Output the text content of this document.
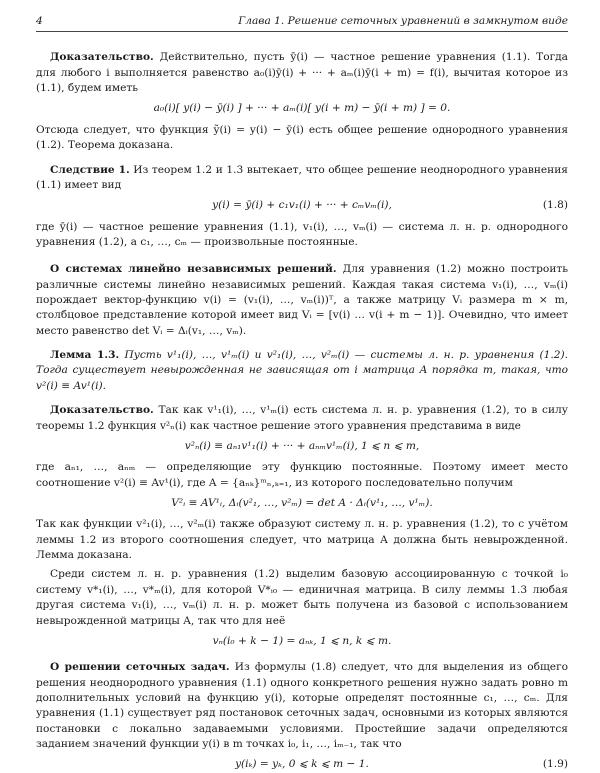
4	Глава 1. Решение сеточных уравнений в замкнутом виде

Доказательство. Действительно, пусть ȳ(i) — частное решение уравнения (1.1). Тогда для любого i выполняется равенство a₀(i)ȳ(i) + ··· + aₘ(i)ȳ(i + m) = f(i), вычитая которое из (1.1), будем иметь

a₀(i)[ y(i) − ȳ(i) ] + ··· + aₘ(i)[ y(i + m) − ȳ(i + m) ] = 0.

Отсюда следует, что функция ỹ(i) = y(i) − ȳ(i) есть общее решение однородного уравнения (1.2). Теорема доказана.

Следствие 1. Из теорем 1.2 и 1.3 вытекает, что общее решение неоднородного уравнения (1.1) имеет вид

y(i) = ȳ(i) + c₁v₁(i) + ··· + cₘvₘ(i),	(1.8)

где ȳ(i) — частное решение уравнения (1.1), v₁(i), …, vₘ(i) — система л. н. р. однородного уравнения (1.2), а c₁, …, cₘ — произвольные постоянные.

О системах линейно независимых решений. Для уравнения (1.2) можно построить различные системы линейно независимых решений. Каждая такая система v₁(i), …, vₘ(i) порождает вектор-функцию v(i) = (v₁(i), …, vₘ(i))ᵀ, а также матрицу Vᵢ размера m × m, столбцовое представление которой имеет вид Vᵢ = [v(i) … v(i + m − 1)]. Очевидно, что имеет место равенство det Vᵢ = Δᵢ(v₁, …, vₘ).

Лемма 1.3. Пусть v¹₁(i), …, v¹ₘ(i) и v²₁(i), …, v²ₘ(i) — системы л. н. р. уравнения (1.2). Тогда существует невырожденная не зависящая от i матрица A порядка m, такая, что v²(i) ≡ Av¹(i).

Доказательство. Так как v¹₁(i), …, v¹ₘ(i) есть система л. н. р. уравнения (1.2), то в силу теоремы 1.2 функция v²ₙ(i) как частное решение этого уравнения представима в виде

v²ₙ(i) ≡ aₙ₁v¹₁(i) + ··· + aₙₘv¹ₘ(i), 1 ⩽ n ⩽ m,

где aₙ₁, …, aₙₘ — определяющие эту функцию постоянные. Поэтому имеет место соотношение v²(i) ≡ Av¹(i), где A = {aₙₖ}ᵐₙ,ₖ₌₁, из которого последовательно получим

V²ᵢ ≡ AV¹ᵢ, Δᵢ(v²₁, …, v²ₘ) = det A · Δᵢ(v¹₁, …, v¹ₘ).

Так как функции v²₁(i), …, v²ₘ(i) также образуют систему л. н. р. уравнения (1.2), то с учётом леммы 1.2 из второго соотношения следует, что матрица A должна быть невырожденной. Лемма доказана.

Среди систем л. н. р. уравнения (1.2) выделим базовую ассоциированную с точкой i₀ систему v*₁(i), …, v*ₘ(i), для которой V*ᵢ₀ — единичная матрица. В силу леммы 1.3 любая другая система v₁(i), …, vₘ(i) л. н. р. может быть получена из базовой с использованием невырожденной матрицы A, так что для неё

vₙ(i₀ + k − 1) = aₙₖ, 1 ⩽ n, k ⩽ m.

О решении сеточных задач. Из формулы (1.8) следует, что для выделения из общего решения неоднородного уравнения (1.1) одного конкретного решения нужно задать ровно m дополнительных условий на функцию y(i), которые определят постоянные c₁, …, cₘ. Для уравнения (1.1) существует ряд постановок сеточных задач, основными из которых являются постановки с локально задаваемыми условиями. Простейшие задачи определяются заданием значений функции y(i) в m точках i₀, i₁, …, iₘ₋₁, так что

y(iₖ) = yₖ, 0 ⩽ k ⩽ m − 1.	(1.9)
